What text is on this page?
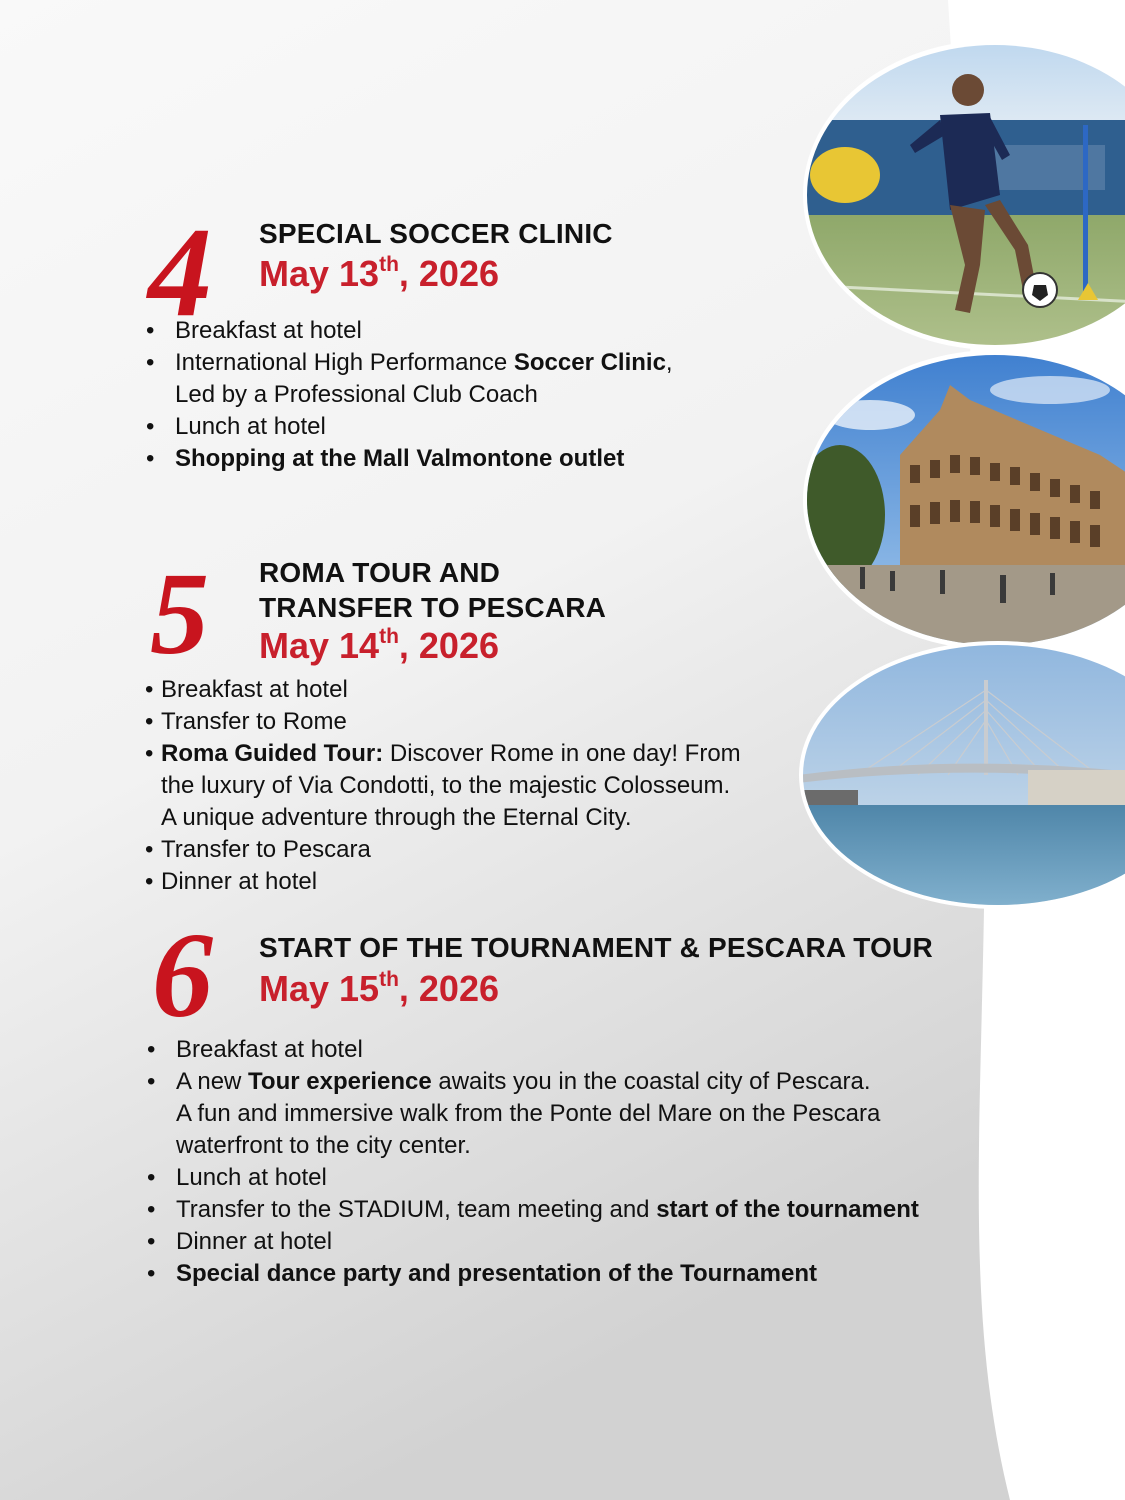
4 SPECIAL SOCCER CLINIC
May 13th, 2026
• Breakfast at hotel
• International High Performance Soccer Clinic,
Led by a Professional Club Coach
• Lunch at hotel
• Shopping at the Mall Valmontone outlet
5 ROMA TOUR AND
TRANSFER TO PESCARA
May 14th, 2026
• Breakfast at hotel
• Transfer to Rome
• Roma Guided Tour: Discover Rome in one day! From
the luxury of Via Condotti, to the majestic Colosseum.
A unique adventure through the Eternal City.
• Transfer to Pescara
• Dinner at hotel
6 START OF THE TOURNAMENT & PESCARA TOUR
May 15th, 2026
• Breakfast at hotel
• A new Tour experience awaits you in the coastal city of Pescara.
A fun and immersive walk from the Ponte del Mare on the Pescara
waterfront to the city center.
• Lunch at hotel
• Transfer to the STADIUM, team meeting and start of the tournament
• Dinner at hotel
• Special dance party and presentation of the Tournament
